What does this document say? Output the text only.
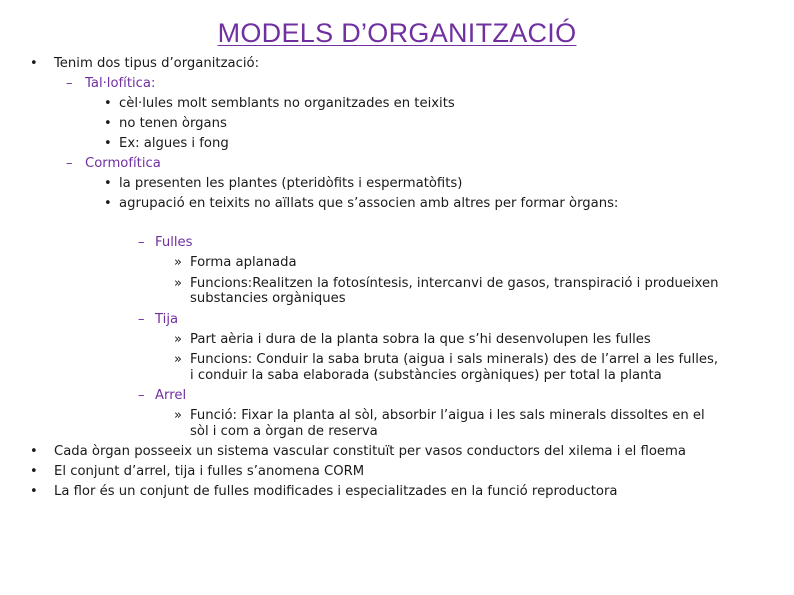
MODELS D’ORGANITZACIÓ
• Tenim dos tipus d’organització:
– Tal·lofítica:
• cèl·lules molt semblants no organitzades en teixits
• no tenen òrgans
• Ex: algues i fong
– Cormofítica
• la presenten les plantes (pteridòfits i espermatòfits)
• agrupació en teixits no aïllats que s’associen amb altres per formar òrgans:
– Fulles
» Forma aplanada
» Funcions:Realitzen la fotosíntesis, intercanvi de gasos, transpiració i produeixen
substancies orgàniques
– Tija
» Part aèria i dura de la planta sobra la que s’hi desenvolupen les fulles
» Funcions: Conduir la saba bruta (aigua i sals minerals) des de l’arrel a les fulles,
i conduir la saba elaborada (substàncies orgàniques) per total la planta
– Arrel
» Funció: Fixar la planta al sòl, absorbir l’aigua i les sals minerals dissoltes en el
sòl i com a òrgan de reserva
• Cada òrgan posseeix un sistema vascular constituït per vasos conductors del xilema i el floema
• El conjunt d’arrel, tija i fulles s’anomena CORM
• La flor és un conjunt de fulles modificades i especialitzades en la funció reproductora
